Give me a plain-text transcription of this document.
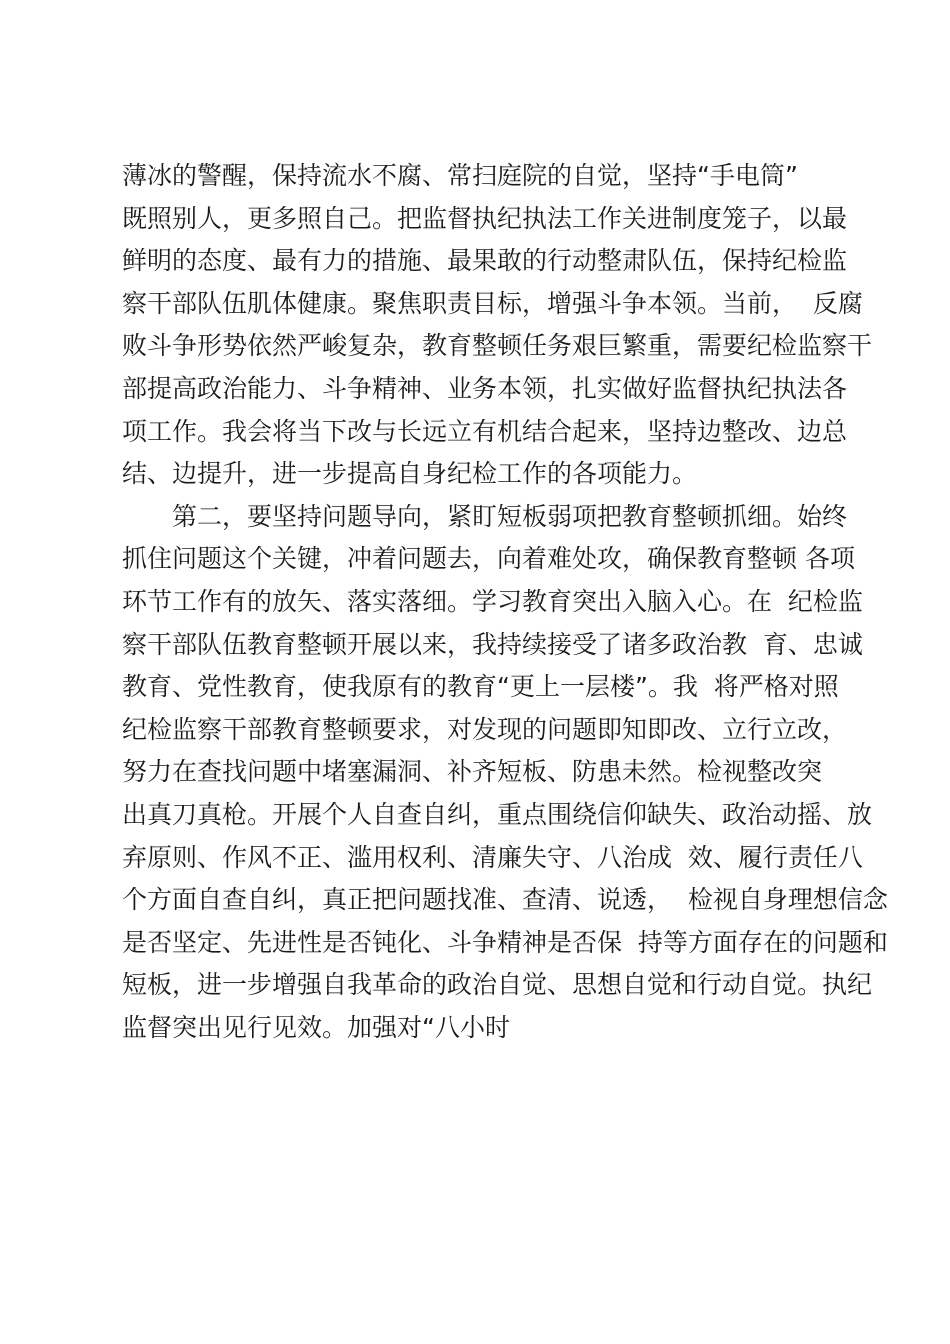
薄冰的警醒，保持流水不腐、常扫庭院的自觉，坚持“手电筒”
既照别人，更多照自己。把监督执纪执法工作关进制度笼子，以最
鲜明的态度、最有力的措施、最果敢的行动整肃队伍，保持纪检监
察干部队伍肌体健康。聚焦职责目标，增强斗争本领。当前，  反腐
败斗争形势依然严峻复杂，教育整顿任务艰巨繁重，需要纪检监察干
部提高政治能力、斗争精神、业务本领，扎实做好监督执纪执法各
项工作。我会将当下改与长远立有机结合起来，坚持边整改、边总
结、边提升，进一步提高自身纪检工作的各项能力。
第二，要坚持问题导向，紧盯短板弱项把教育整顿抓细。始终
抓住问题这个关键，冲着问题去，向着难处攻，确保教育整顿 各项
环节工作有的放矢、落实落细。学习教育突出入脑入心。在  纪检监
察干部队伍教育整顿开展以来，我持续接受了诸多政治教  育、忠诚
教育、党性教育，使我原有的教育“更上一层楼”。我  将严格对照
纪检监察干部教育整顿要求，对发现的问题即知即改、立行立改，
努力在查找问题中堵塞漏洞、补齐短板、防患未然。检视整改突
出真刀真枪。开展个人自查自纠，重点围绕信仰缺失、政治动摇、放
弃原则、作风不正、滥用权利、清廉失守、八治成  效、履行责任八
个方面自查自纠，真正把问题找准、查清、说透，  检视自身理想信念
是否坚定、先进性是否钝化、斗争精神是否保  持等方面存在的问题和
短板，进一步增强自我革命的政治自觉、思想自觉和行动自觉。执纪
监督突出见行见效。加强对“八小时
